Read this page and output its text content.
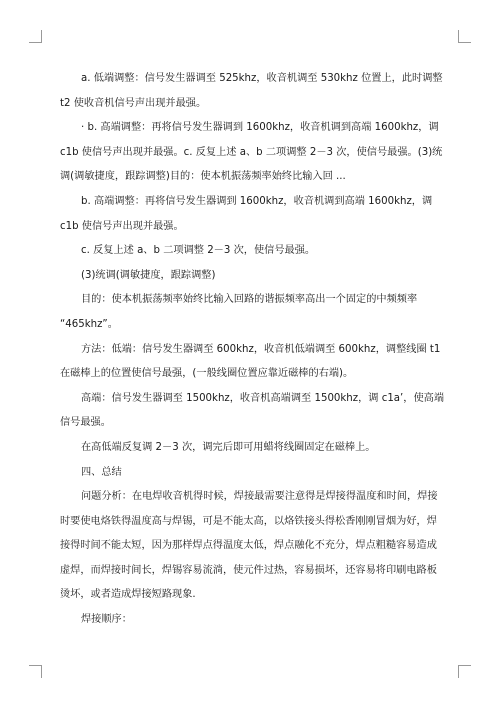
a. 低端调整：信号发生器调至 525khz，收音机调至 530khz 位置上，此时调整

t2 使收音机信号声出现并最强。

· b. 高端调整：再将信号发生器调到 1600khz，收音机调到高端 1600khz，调

c1b 使信号声出现并最强。c. 反复上述 a、b 二项调整 2－3 次，使信号最强。(3)统

调(调敏捷度，跟踪调整)目的：使本机振荡频率始终比输入回 ...

b. 高端调整：再将信号发生器调到 1600khz，收音机调到高端 1600khz，调

c1b 使信号声出现并最强。

c. 反复上述 a、b 二项调整 2－3 次，使信号最强。

(3)统调(调敏捷度，跟踪调整)

目的：使本机振荡频率始终比输入回路的谐振频率高出一个固定的中频频率

“465khz”。

方法：低端：信号发生器调至 600khz，收音机低端调至 600khz，调整线圈 t1

在磁棒上的位置使信号最强，(一般线圈位置应靠近磁棒的右端)。

高端：信号发生器调至 1500khz，收音机高端调至 1500khz，调 c1a’，使高端

信号最强。

在高低端反复调 2－3 次，调完后即可用蜡将线圈固定在磁棒上。

四、总结

问题分析：在电焊收音机得时候，焊接最需要注意得是焊接得温度和时间，焊接

时要使电烙铁得温度高与焊锡，可是不能太高，以烙铁接头得松香刚刚冒烟为好，焊

接得时间不能太短，因为那样焊点得温度太低，焊点融化不充分，焊点粗糙容易造成

虚焊，而焊接时间长，焊锡容易流淌，使元件过热，容易损坏，还容易将印刷电路板

烫坏，或者造成焊接短路现象.

焊接顺序：
